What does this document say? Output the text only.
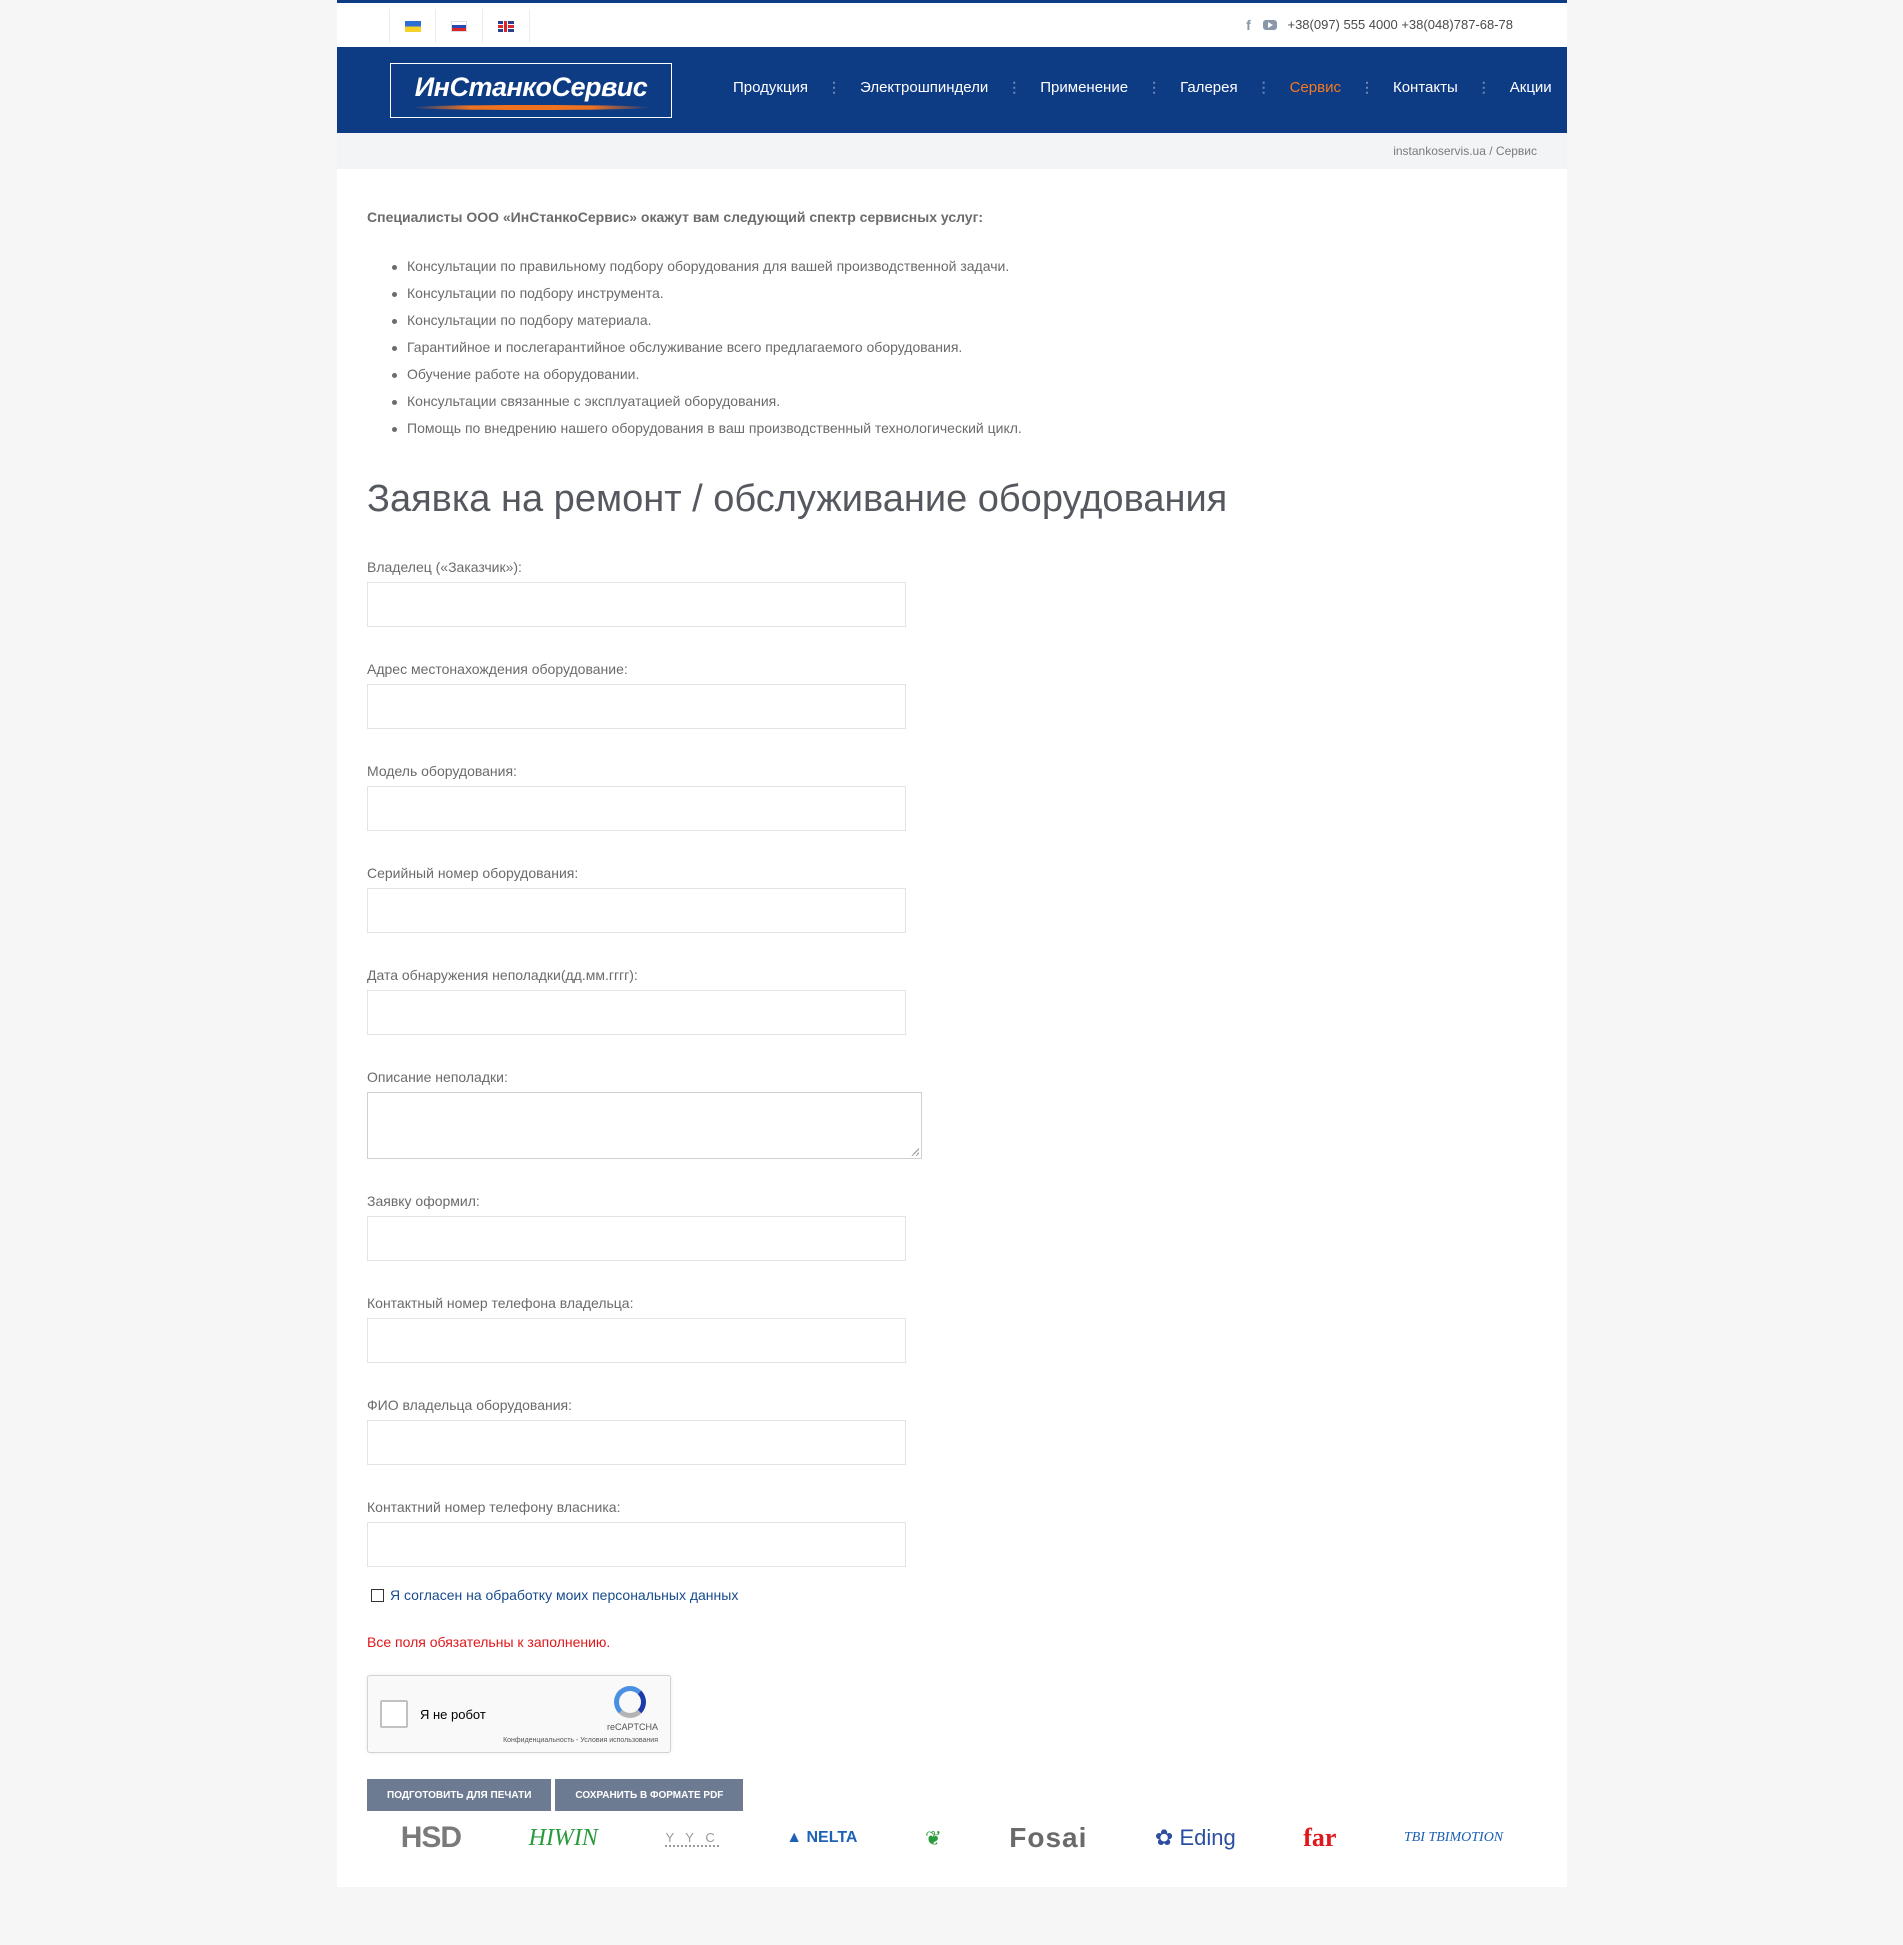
f	+38(097) 555 4000 +38(048)787-68-78
ИнСтанкоСервис	Продукция ⋮ Электрошпиндели ⋮ Применение ⋮ Галерея ⋮ Сервис ⋮ Контакты ⋮ Акции
instankoservis.ua / Сервис

Специалисты ООО «ИнСтанкоСервис» окажут вам следующий спектр сервисных услуг:

Консультации по правильному подбору оборудования для вашей производственной задачи.
Консультации по подбору инструмента.
Консультации по подбору материала.
Гарантийное и послегарантийное обслуживание всего предлагаемого оборудования.
Обучение работе на оборудовании.
Консультации связанные с эксплуатацией оборудования.
Помощь по внедрению нашего оборудования в ваш производственный технологический цикл.
Заявка на ремонт / обслуживание оборудования
Владелец («Заказчик»):
Адрес местонахождения оборудование:
Модель оборудования:
Серийный номер оборудования:
Дата обнаружения неполадки(дд.мм.гггг):
Описание неполадки:
Заявку оформил:
Контактный номер телефона владельца:
ФИО владельца оборудования:
Контактний номер телефону власника:
Я согласен на обработку моих персональных данных

Все поля обязательны к заполнению.

Я не робот
reCAPTCHA
Конфиденциальность - Условия использования
ПОДГОТОВИТЬ ДЛЯ ПЕЧАТИ	СОХРАНИТЬ В ФОРМАТЕ PDF
HSD	HIWIN	Y Y C	▲ NELTA	❦ Fosai	✿ Eding	far	TBI TBIMOTION
